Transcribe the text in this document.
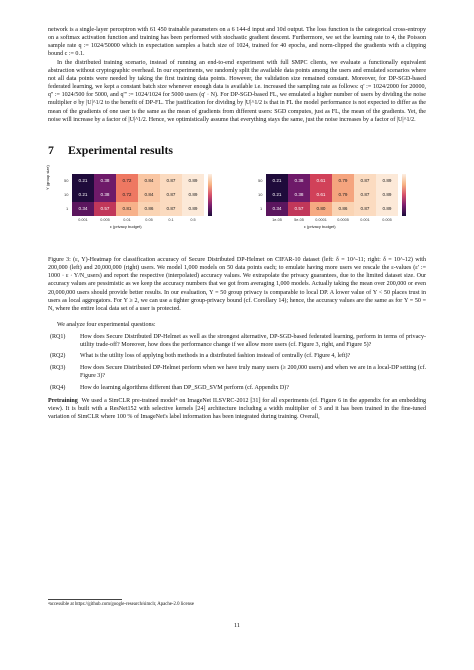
network is a single-layer perceptron with 61 450 trainable parameters on a 6 144-d input and 10d output. The loss function is the categorical cross-entropy on a softmax activation function and training has been performed with stochastic gradient descent. Furthermore, we set the learning rate to 4, the Poisson sample rate q := 1024/50000 which in expectation samples a batch size of 1024, trained for 40 epochs, and norm-clipped the gradients with a clipping bound c := 0.1.

In the distributed training scenario, instead of running an end-to-end experiment with full SMPC clients, we evaluate a functionally equivalent abstraction without cryptographic overhead. In our experiments, we randomly split the available data points among the users and emulated scenarios where not all data points were needed by taking the first training data points. However, the validation size remained constant. Moreover, for DP-SGD-based federated learning, we kept a constant batch size whenever enough data is available i.e. increased the sampling rate as follows: q' := 1024/2000 for 20000, q'' := 1024/500 for 5000, and q''' := 1024/1024 for 5000 users (q' · N). For DP-SGD-based FL, we emulated a higher number of users by dividing the noise multiplier σ by |U|^1/2 to the benefit of DP-FL. The justification for dividing by |U|^1/2 is that in FL the model performance is not expected to differ as the mean of the gradients of one user is the same as the mean of gradients from different users: SGD computes, just as FL, the mean of the gradients. Yet, the noise will increase by a factor of |U|^1/2. Hence, we optimistically assume that everything stays the same, just the noise increases by a factor of |U|^1/2.

7 Experimental results
Υ (group size)	50
10
1
0.21	0.38	0.72	0.84	0.87	0.89
0.21	0.38	0.72	0.84	0.87	0.89
0.34	0.57	0.81	0.86	0.87	0.89
0.001	0.005	0.01	0.05	0.1	0.5
ε (privacy budget)
50
10
1
0.21	0.38	0.61	0.79	0.87	0.89
0.21	0.38	0.61	0.79	0.87	0.89
0.34	0.57	0.80	0.86	0.87	0.89
1e-05	5e-05	0.0001	0.0005	0.001	0.005
ε (privacy budget)

Figure 3: (ε, Υ)-Heatmap for classification accuracy of Secure Distributed DP-Helmet on CIFAR-10 dataset (left: δ = 10^-11; right: δ = 10^-12) with 200,000 (left) and 20,000,000 (right) users. We model 1,000 models on 50 data points each; to emulate having more users we rescale the ε-values (ε' := 1000 · ε · Υ/N_users) and report the respective (interpolated) accuracy values. We extrapolate the privacy guarantees, due to the limited dataset size. Our accuracy values are pessimistic as we keep the accuracy numbers that we got from averaging 1,000 models. Actually taking the mean over 200,000 or even 20,000,000 users should provide better results. In our evaluation, Υ = 50 group privacy is comparable to local DP. A lower value of Υ < 50 places trust in users as local aggregators. For Υ ≥ 2, we can use a tighter group-privacy bound (cf. Corollary 14); hence, the accuracy values are the same as for Υ = 50 = N, where the entire local data set of a user is protected.

We analyze four experimental questions:

(RQ1)	How does Secure Distributed DP-Helmet as well as the strongest alternative, DP-SGD-based federated learning, perform in terms of privacy-utility trade-off? Moreover, how does the performance change if we allow more users (cf. Figure 3, right, and Figure 5)?
(RQ2)	What is the utility loss of applying both methods in a distributed fashion instead of centrally (cf. Figure 4, left)?
(RQ3)	How does Secure Distributed DP-Helmet perform when we have truly many users (≥ 200,000 users) and when we are in a local-DP setting (cf. Figure 3)?
(RQ4)	How do learning algorithms different than DP_SGD_SVM perform (cf. Appendix D)?

Pretraining We used a SimCLR pre-trained model⁴ on ImageNet ILSVRC-2012 [31] for all experiments (cf. Figure 6 in the appendix for an embedding view). It is built with a ResNet152 with selective kernels [24] architecture including a width multiplier of 3 and it has been trained in the fine-tuned variation of SimCLR where 100 % of ImageNet's label information has been integrated during training. Overall,

⁴accessible at https://github.com/google-research/simclr, Apache-2.0 license
11
